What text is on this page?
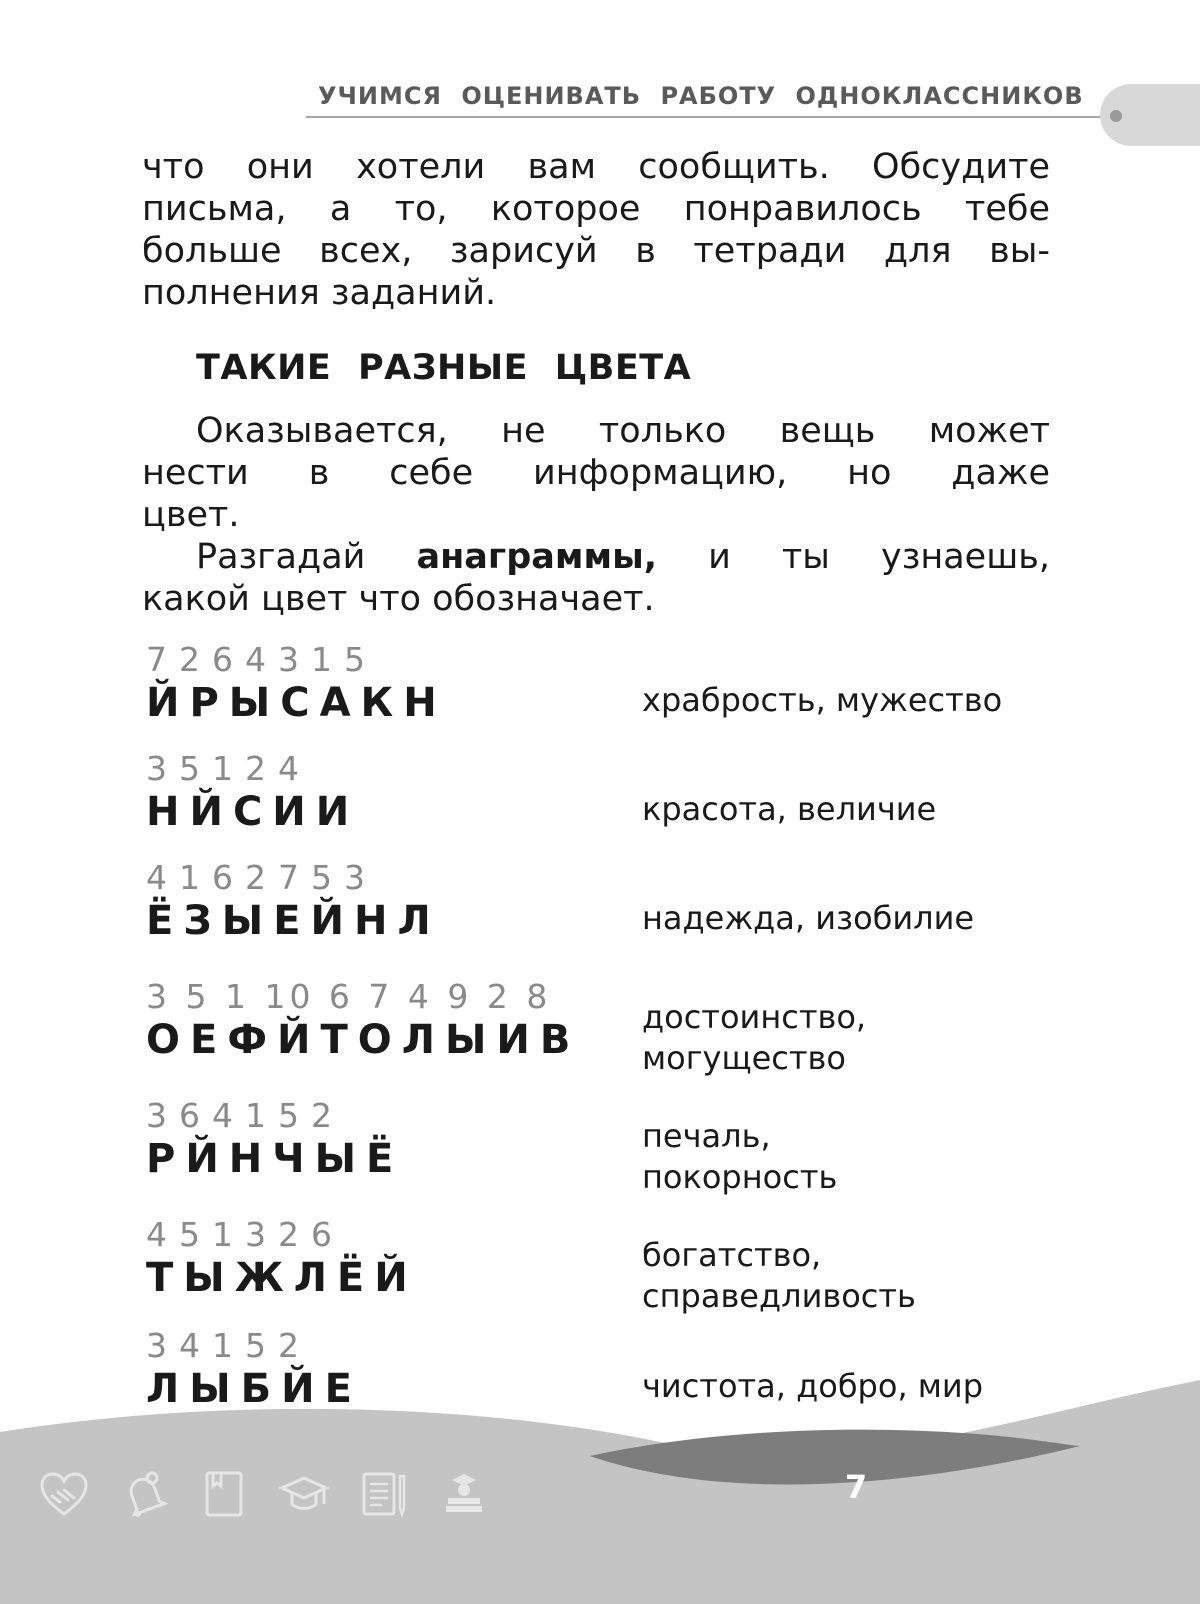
УЧИМСЯ ОЦЕНИВАТЬ РАБОТУ ОДНОКЛАССНИКОВ
что они хотели вам сообщить. Обсудите
письма, а то, которое понравилось тебе
больше всех, зарисуй в тетради для вы-
полнения заданий.
ТАКИЕ РАЗНЫЕ ЦВЕТА
Оказывается, не только вещь может
нести в себе информацию, но даже
цвет.
Разгадай анаграммы, и ты узнаешь,
какой цвет что обозначает.
7264315
ЙРЫСАКН	храбрость, мужество
35124
НЙСИИ	красота, величие
4162753
ЁЗЫЕЙНЛ	надежда, изобилие
3 5 1 10 6 7 4 9 2 8
ОЕФЙТОЛЫИВ	достоинство,
могущество
364152
РЙНЧЫЁ	печаль,
покорность
451326
ТЫЖЛЁЙ	богатство,
справедливость
34152
ЛЫБЙЕ	чистота, добро, мир
7
